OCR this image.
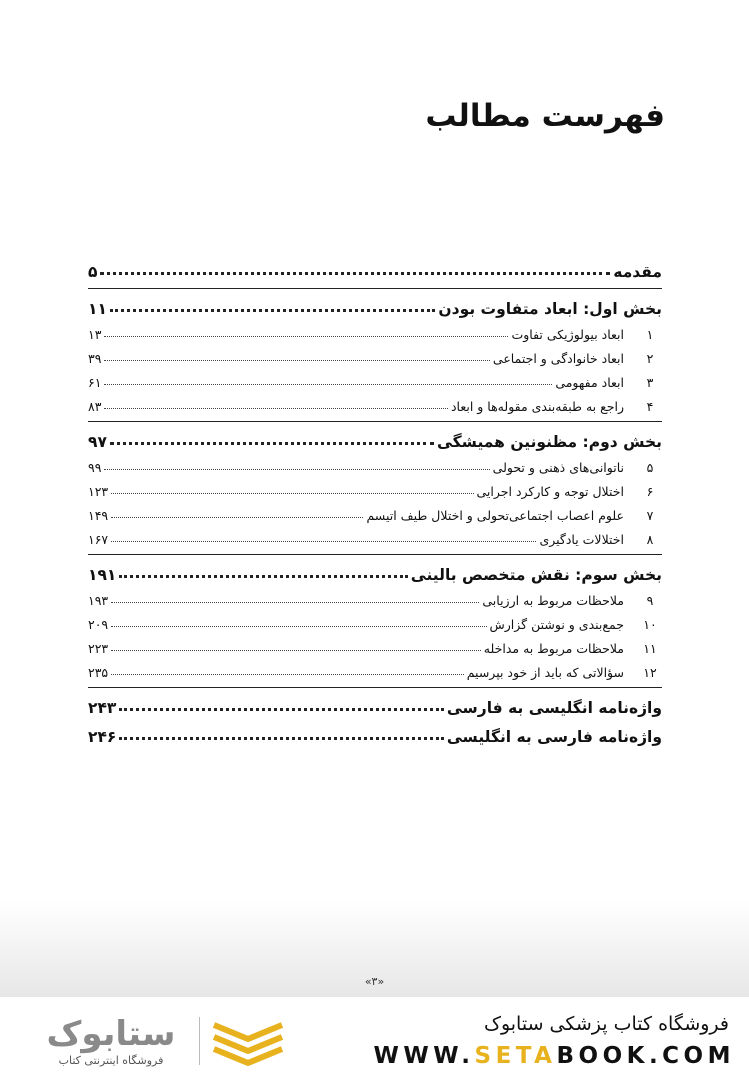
فهرست مطالب
مقدمه
۵
بخش اول: ابعاد متفاوت بودن
۱۱
۱
ابعاد بیولوژیکی تفاوت
۱۳
۲
ابعاد خانوادگی و اجتماعی
۳۹
۳
ابعاد مفهومی
۶۱
۴
راجع به طبقه‌بندی مقوله‌ها و ابعاد
۸۳
بخش دوم: مظنونین همیشگی
۹۷
۵
ناتوانی‌های ذهنی و تحولی
۹۹
۶
اختلال توجه و کارکرد اجرایی
۱۲۳
۷
علوم اعصاب اجتماعی‌تحولی و اختلال طیف اتیسم
۱۴۹
۸
اختلالات یادگیری
۱۶۷
بخش سوم: نقش متخصص بالینی
۱۹۱
۹
ملاحظات مربوط به ارزیابی
۱۹۳
۱۰
جمع‌بندی و نوشتن گزارش
۲۰۹
۱۱
ملاحظات مربوط به مداخله
۲۲۳
۱۲
سؤالاتی که باید از خود بپرسیم
۲۳۵
واژه‌نامه انگلیسی به فارسی
۲۴۳
واژه‌نامه فارسی به انگلیسی
۲۴۶
«۳»
ستابوک
فروشگاه اینترنتی کتاب
فروشگاه کتاب پزشکی ستابوک
WWW.SETABOOK.COM
